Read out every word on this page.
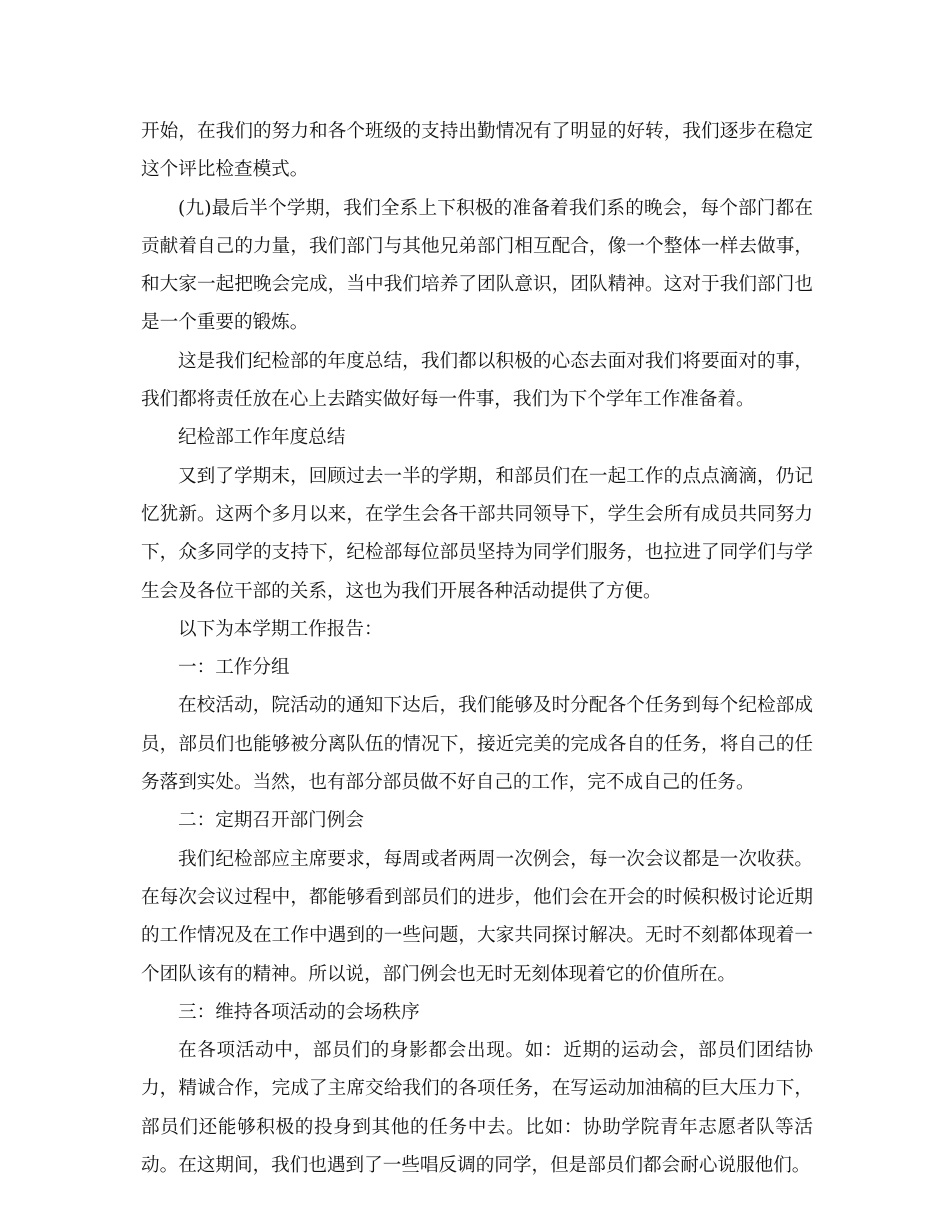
开始，在我们的努力和各个班级的支持出勤情况有了明显的好转，我们逐步在稳定这个评比检查模式。

(九)最后半个学期，我们全系上下积极的准备着我们系的晚会，每个部门都在贡献着自己的力量，我们部门与其他兄弟部门相互配合，像一个整体一样去做事，和大家一起把晚会完成，当中我们培养了团队意识，团队精神。这对于我们部门也是一个重要的锻炼。

这是我们纪检部的年度总结，我们都以积极的心态去面对我们将要面对的事，我们都将责任放在心上去踏实做好每一件事，我们为下个学年工作准备着。

纪检部工作年度总结

又到了学期末，回顾过去一半的学期，和部员们在一起工作的点点滴滴，仍记忆犹新。这两个多月以来，在学生会各干部共同领导下，学生会所有成员共同努力下，众多同学的支持下，纪检部每位部员坚持为同学们服务，也拉进了同学们与学生会及各位干部的关系，这也为我们开展各种活动提供了方便。

以下为本学期工作报告：

一：工作分组

在校活动，院活动的通知下达后，我们能够及时分配各个任务到每个纪检部成员，部员们也能够被分离队伍的情况下，接近完美的完成各自的任务，将自己的任务落到实处。当然，也有部分部员做不好自己的工作，完不成自己的任务。

二：定期召开部门例会

我们纪检部应主席要求，每周或者两周一次例会，每一次会议都是一次收获。在每次会议过程中，都能够看到部员们的进步，他们会在开会的时候积极讨论近期的工作情况及在工作中遇到的一些问题，大家共同探讨解决。无时不刻都体现着一个团队该有的精神。所以说，部门例会也无时无刻体现着它的价值所在。

三：维持各项活动的会场秩序

在各项活动中，部员们的身影都会出现。如：近期的运动会，部员们团结协力，精诚合作，完成了主席交给我们的各项任务，在写运动加油稿的巨大压力下，部员们还能够积极的投身到其他的任务中去。比如：协助学院青年志愿者队等活动。在这期间，我们也遇到了一些唱反调的同学，但是部员们都会耐心说服他们。
